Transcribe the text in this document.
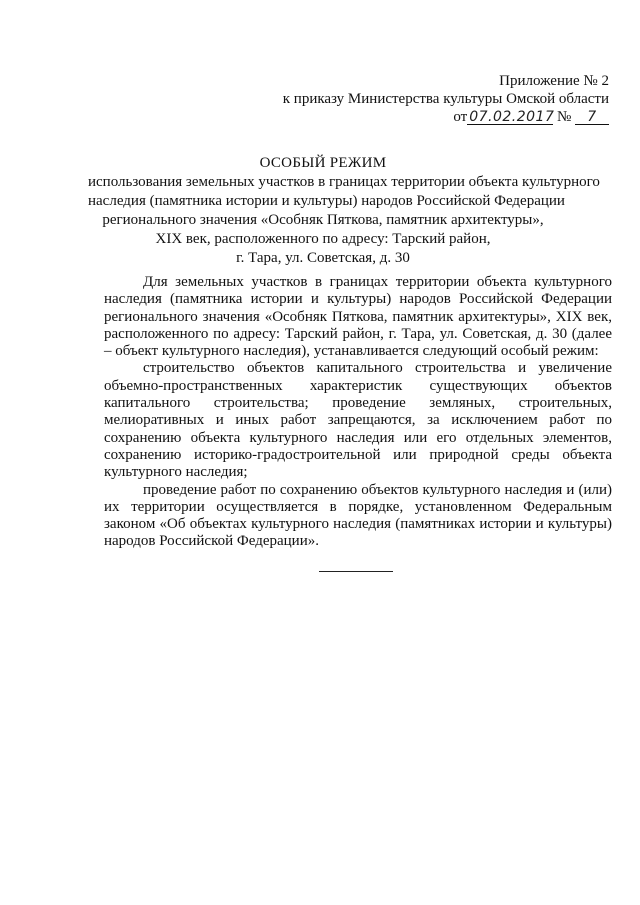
Приложение № 2
к приказу Министерства культуры Омской области
от 07.02.2017 № 7
ОСОБЫЙ РЕЖИМ
использования земельных участков в границах территории объекта культурного
наследия (памятника истории и культуры) народов Российской Федерации
регионального значения «Особняк Пяткова, памятник архитектуры»,
XIX век, расположенного по адресу: Тарский район,
г. Тара, ул. Советская, д. 30

Для земельных участков в границах территории объекта культурного наследия (памятника истории и культуры) народов Российской Федерации регионального значения «Особняк Пяткова, памятник архитектуры», XIX век, расположенного по адресу: Тарский район, г. Тара, ул. Советская, д. 30 (далее – объект культурного наследия), устанавливается следующий особый режим:

строительство объектов капитального строительства и увеличение объемно-пространственных характеристик существующих объектов капитального строительства; проведение земляных, строительных, мелиоративных и иных работ запрещаются, за исключением работ по сохранению объекта культурного наследия или его отдельных элементов, сохранению историко-градостроительной или природной среды объекта культурного наследия;

проведение работ по сохранению объектов культурного наследия и (или) их территории осуществляется в порядке, установленном Федеральным законом «Об объектах культурного наследия (памятниках истории и культуры) народов Российской Федерации».
